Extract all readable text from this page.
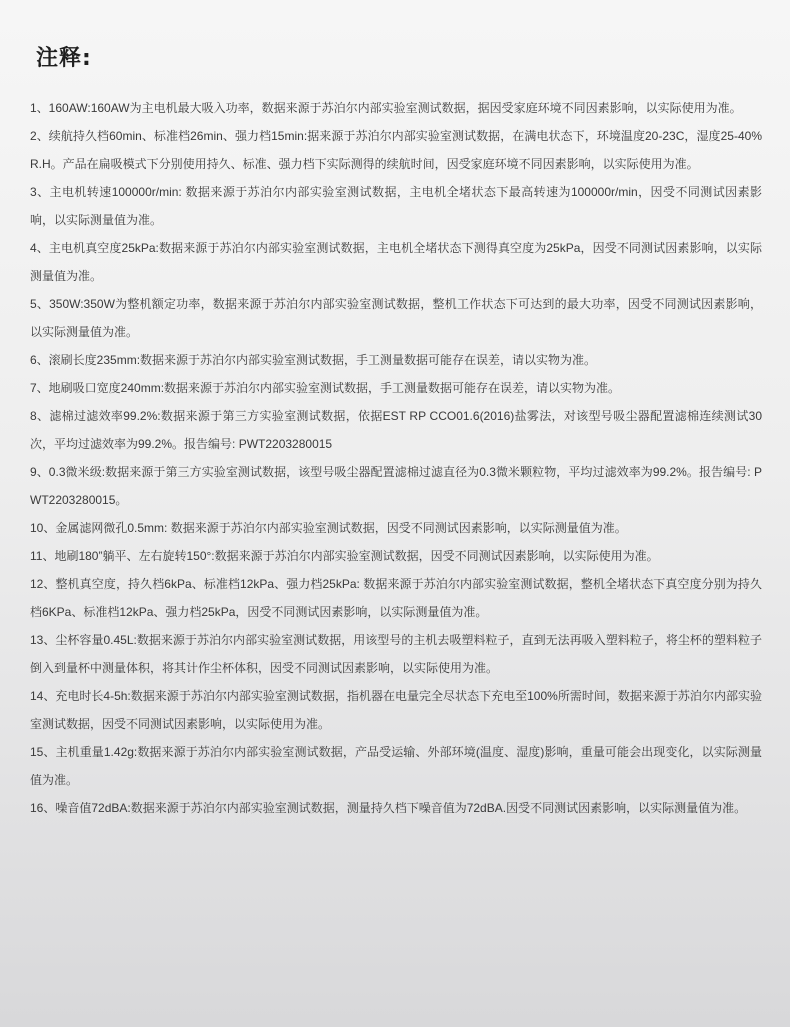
注释:
1、160AW:160AW为主电机最大吸入功率，数据来源于苏泊尔内部实验室测试数据，据因受家庭环境不同因素影响，以实际使用为准。
2、续航持久档60min、标准档26min、强力档15min:据来源于苏泊尔内部实验室测试数据，在满电状态下，环境温度20-23C，湿度25-40%R.H。产品在扁吸模式下分别使用持久、标准、强力档下实际测得的续航时间，因受家庭环境不同因素影响，以实际使用为准。
3、主电机转速100000r/min: 数据来源于苏泊尔内部实验室测试数据，主电机全堵状态下最高转速为100000r/min，因受不同测试因素影响，以实际测量值为准。
4、主电机真空度25kPa:数据来源于苏泊尔内部实验室测试数据，主电机全堵状态下测得真空度为25kPa，因受不同测试因素影响，以实际测量值为准。
5、350W:350W为整机额定功率，数据来源于苏泊尔内部实验室测试数据，整机工作状态下可达到的最大功率，因受不同测试因素影响，以实际测量值为准。
6、滚刷长度235mm:数据来源于苏泊尔内部实验室测试数据，手工测量数据可能存在误差，请以实物为准。
7、地刷吸口宽度240mm:数据来源于苏泊尔内部实验室测试数据，手工测量数据可能存在误差，请以实物为准。
8、滤棉过滤效率99.2%:数据来源于第三方实验室测试数据，依据EST RP CCO01.6(2016)盐雾法，对该型号吸尘器配置滤棉连续测试30次，平均过滤效率为99.2%。报告编号: PWT2203280015
9、0.3微米级:数据来源于第三方实验室测试数据，该型号吸尘器配置滤棉过滤直径为0.3微米颗粒物，平均过滤效率为99.2%。报告编号: PWT2203280015。
10、金属滤网微孔0.5mm: 数据来源于苏泊尔内部实验室测试数据，因受不同测试因素影响，以实际测量值为准。
11、地刷180”躺平、左右旋转150°:数据来源于苏泊尔内部实验室测试数据，因受不同测试因素影响，以实际使用为准。
12、整机真空度，持久档6kPa、标准档12kPa、强力档25kPa: 数据来源于苏泊尔内部实验室测试数据，整机全堵状态下真空度分别为持久档6KPa、标准档12kPa、强力档25kPa，因受不同测试因素影响，以实际测量值为准。
13、尘杯容量0.45L:数据来源于苏泊尔内部实验室测试数据，用该型号的主机去吸塑料粒子，直到无法再吸入塑料粒子，将尘杯的塑料粒子倒入到量杯中测量体积，将其计作尘杯体积，因受不同测试因素影响，以实际使用为准。
14、充电时长4-5h:数据来源于苏泊尔内部实验室测试数据，指机器在电量完全尽状态下充电至100%所需时间，数据来源于苏泊尔内部实验室测试数据，因受不同测试因素影响，以实际使用为准。
15、主机重量1.42g:数据来源于苏泊尔内部实验室测试数据，产品受运输、外部环境(温度、湿度)影响，重量可能会出现变化，以实际测量值为准。
16、噪音值72dBA:数据来源于苏泊尔内部实验室测试数据，测量持久档下噪音值为72dBA.因受不同测试因素影响，以实际测量值为准。
